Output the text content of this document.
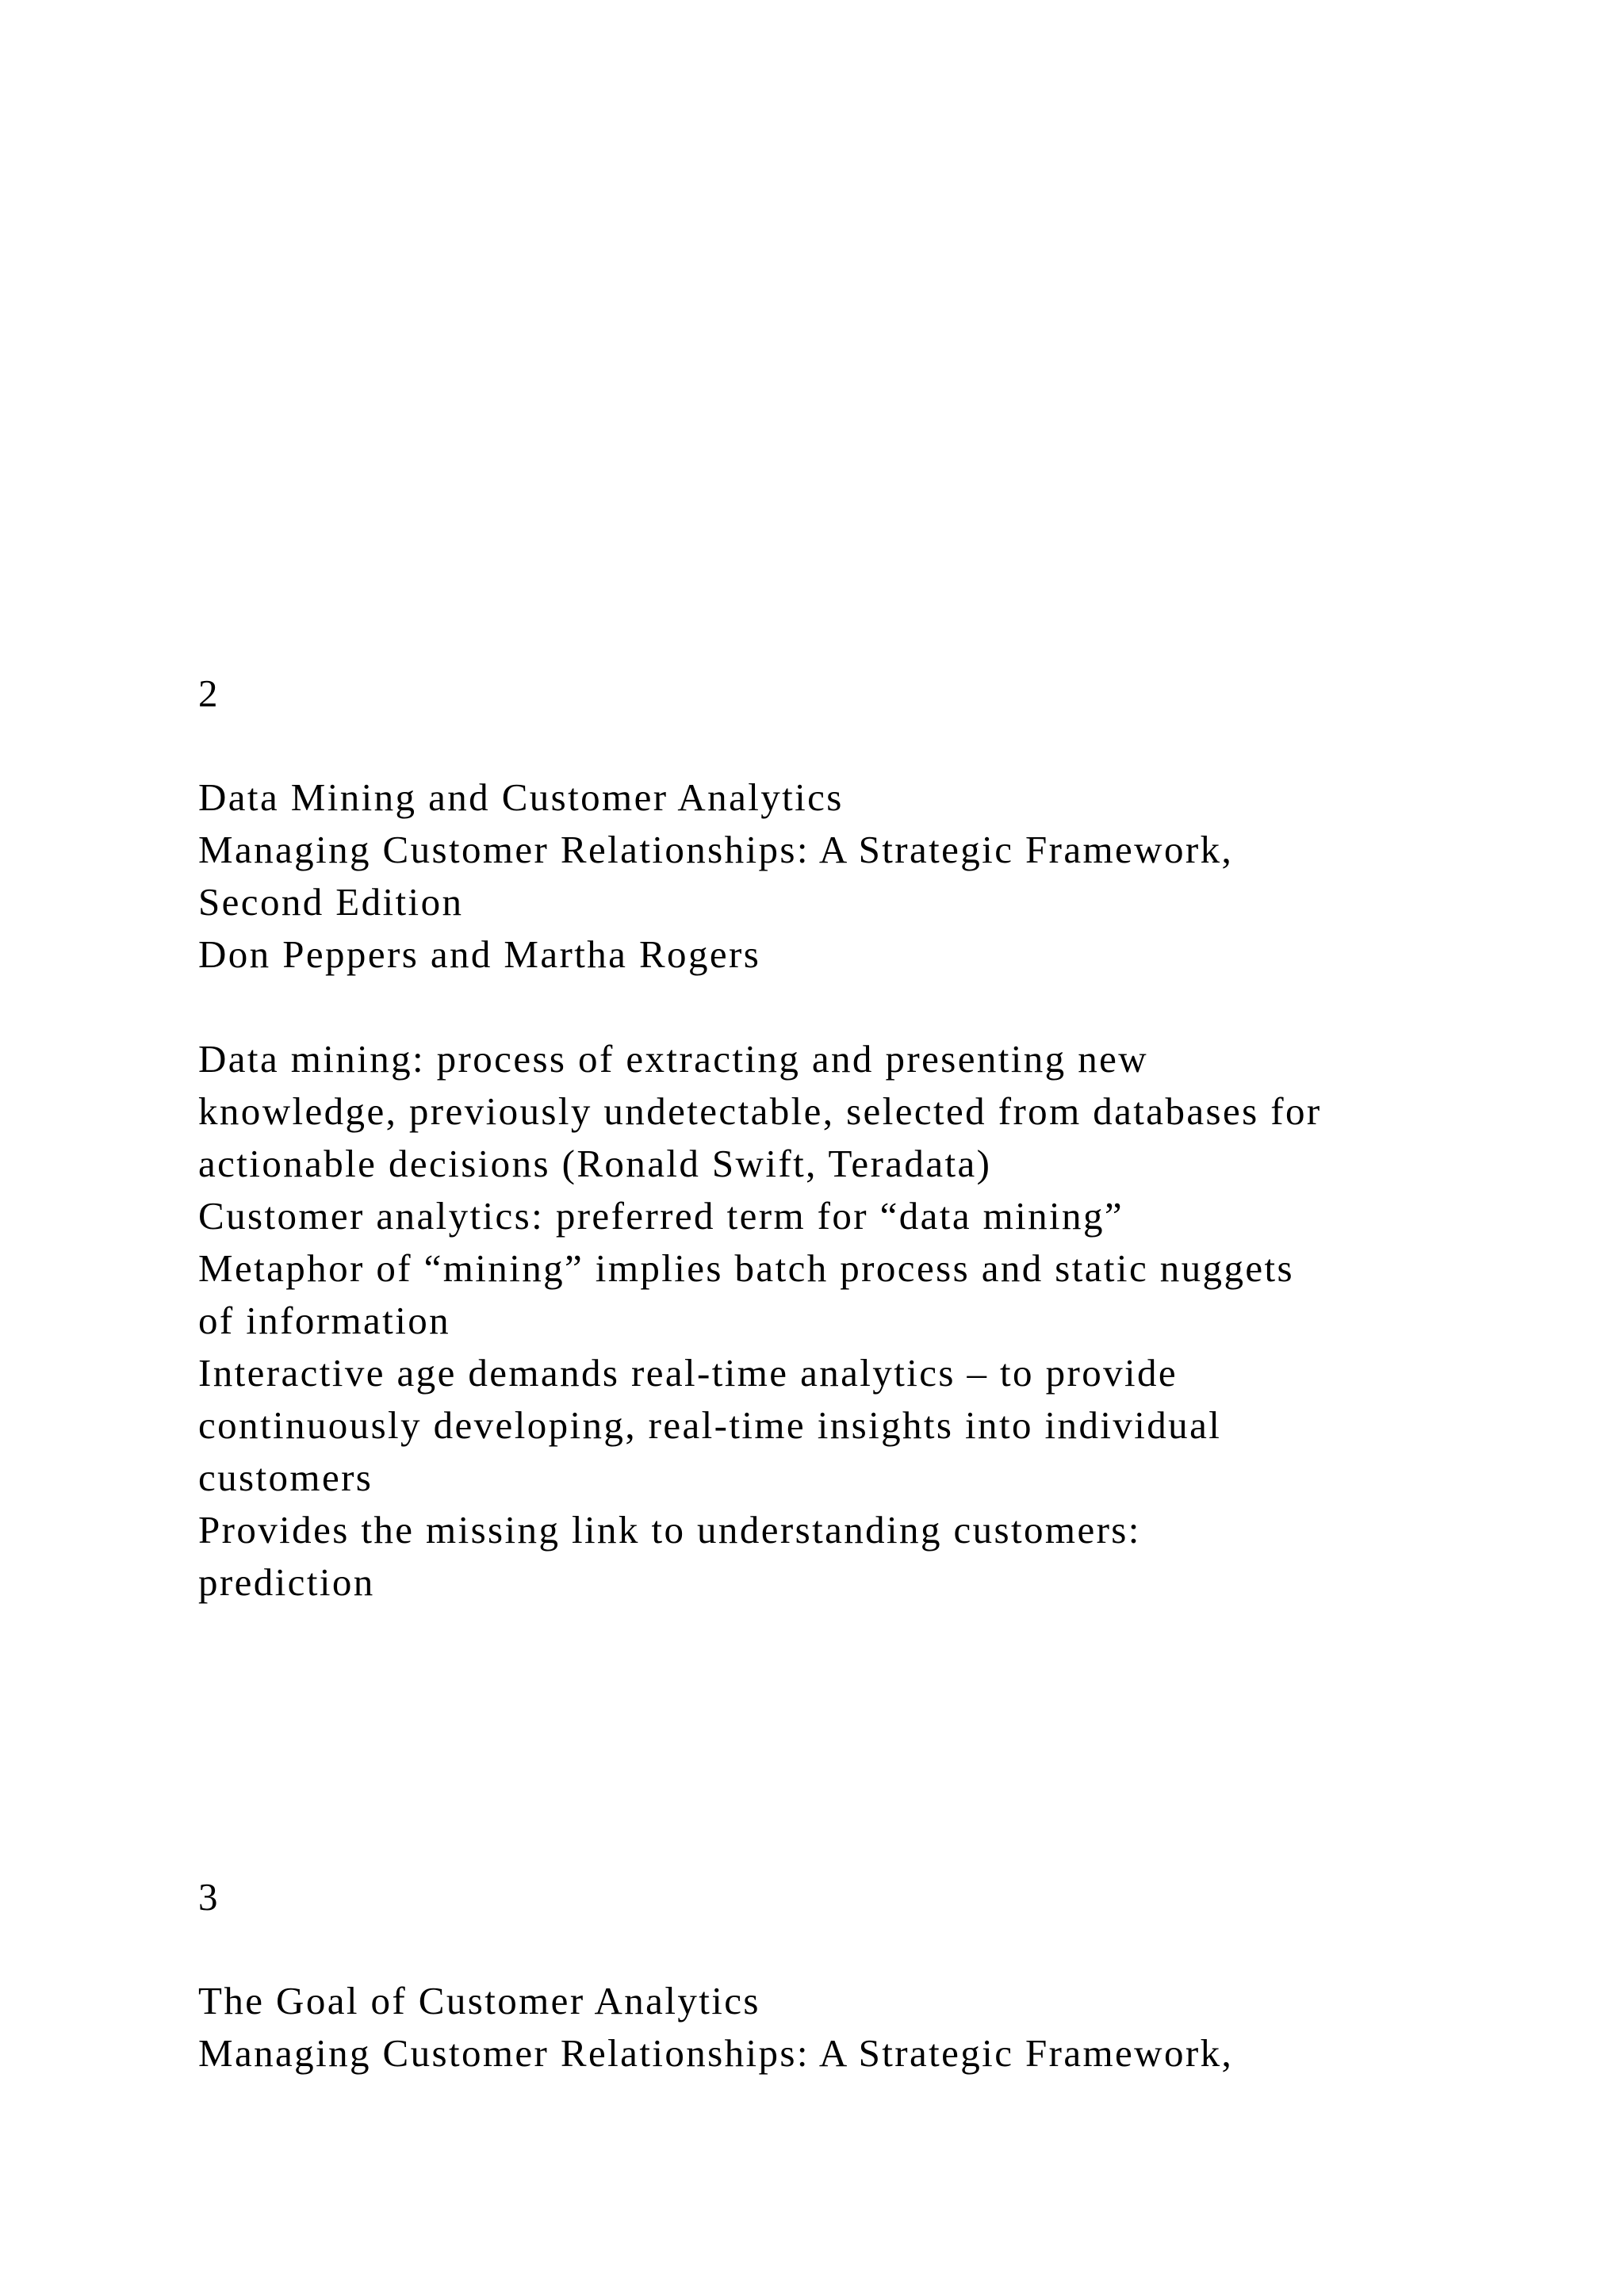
2

Data Mining and Customer Analytics

Managing Customer Relationships: A Strategic Framework,

Second Edition

Don Peppers and Martha Rogers

Data mining: process of extracting and presenting new

knowledge, previously undetectable, selected from databases for

actionable decisions (Ronald Swift, Teradata)

Customer analytics: preferred term for “data mining”

Metaphor of “mining” implies batch process and static nuggets

of information

Interactive age demands real-time analytics – to provide

continuously developing, real-time insights into individual

customers

Provides the missing link to understanding customers:

prediction

3

The Goal of Customer Analytics

Managing Customer Relationships: A Strategic Framework,
